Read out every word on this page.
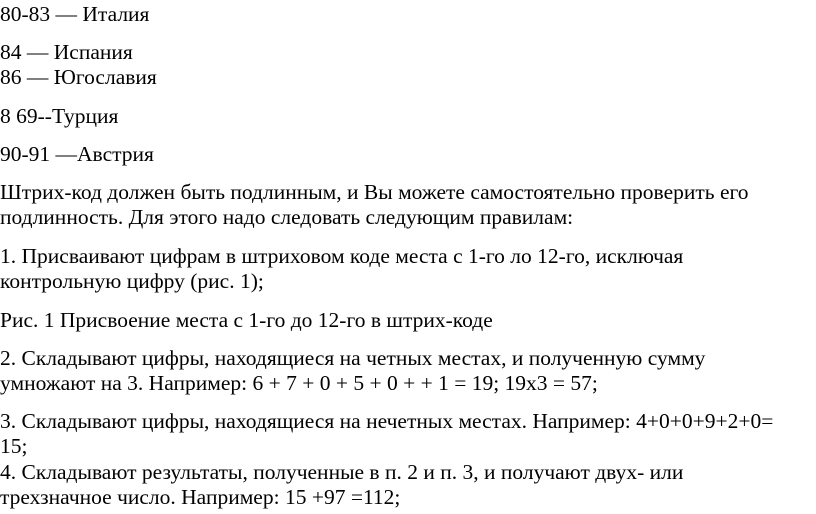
80-83 — Италия
84 — Испания
86 — Югославия
8 69--Турция
90-91 —Австрия
Штрих-код должен быть подлинным, и Вы можете самостоятельно проверить его
подлинность. Для этого надо следовать следующим правилам:
1. Присваивают цифрам в штриховом коде места с 1-го ло 12-го, исключая
контрольную цифру (рис. 1);
Рис. 1 Присвоение места с 1-го до 12-го в штрих-коде
2. Складывают цифры, находящиеся на четных местах, и полученную сумму
умножают на 3. Например: 6 + 7 + 0 + 5 + 0 + + 1 = 19; 19x3 = 57;
3. Складывают цифры, находящиеся на нечетных местах. Например: 4+0+0+9+2+0=
15;
4. Складывают результаты, полученные в п. 2 и п. 3, и получают двух- или
трехзначное число. Например: 15 +97 =112;
